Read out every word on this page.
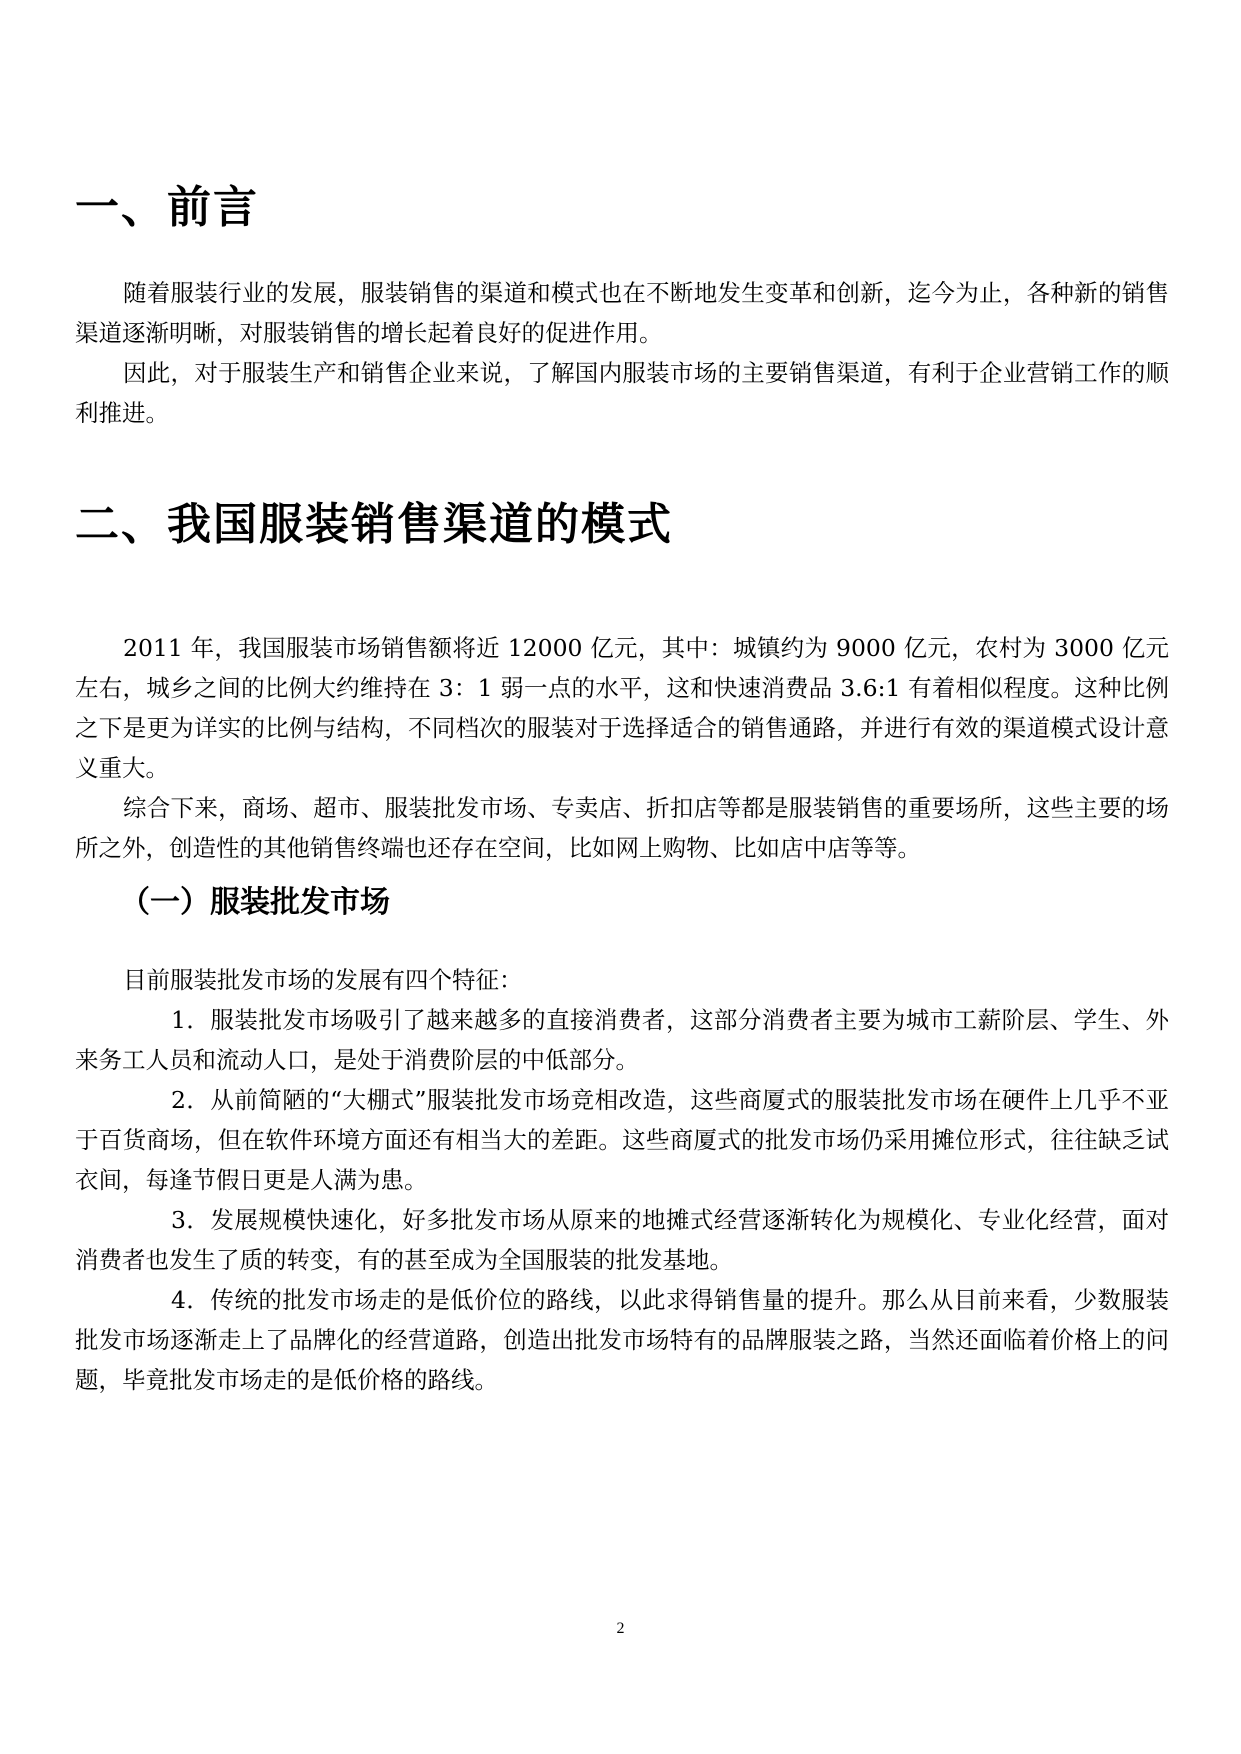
一、前言

随着服装行业的发展，服装销售的渠道和模式也在不断地发生变革和创新，迄今为止，各种新的销售渠道逐渐明晰，对服装销售的增长起着良好的促进作用。

因此，对于服装生产和销售企业来说，了解国内服装市场的主要销售渠道，有利于企业营销工作的顺利推进。

二、我国服装销售渠道的模式

2011 年，我国服装市场销售额将近 12000 亿元，其中：城镇约为 9000 亿元，农村为 3000 亿元左右，城乡之间的比例大约维持在 3：1 弱一点的水平，这和快速消费品 3.6:1 有着相似程度。这种比例之下是更为详实的比例与结构，不同档次的服装对于选择适合的销售通路，并进行有效的渠道模式设计意义重大。

综合下来，商场、超市、服装批发市场、专卖店、折扣店等都是服装销售的重要场所，这些主要的场所之外，创造性的其他销售终端也还存在空间，比如网上购物、比如店中店等等。

（一）服装批发市场

目前服装批发市场的发展有四个特征：

1．服装批发市场吸引了越来越多的直接消费者，这部分消费者主要为城市工薪阶层、学生、外来务工人员和流动人口，是处于消费阶层的中低部分。

2．从前简陋的“大棚式”服装批发市场竞相改造，这些商厦式的服装批发市场在硬件上几乎不亚于百货商场，但在软件环境方面还有相当大的差距。这些商厦式的批发市场仍采用摊位形式，往往缺乏试衣间，每逢节假日更是人满为患。

3．发展规模快速化，好多批发市场从原来的地摊式经营逐渐转化为规模化、专业化经营，面对消费者也发生了质的转变，有的甚至成为全国服装的批发基地。

4．传统的批发市场走的是低价位的路线，以此求得销售量的提升。那么从目前来看，少数服装批发市场逐渐走上了品牌化的经营道路，创造出批发市场特有的品牌服装之路，当然还面临着价格上的问题，毕竟批发市场走的是低价格的路线。

2
